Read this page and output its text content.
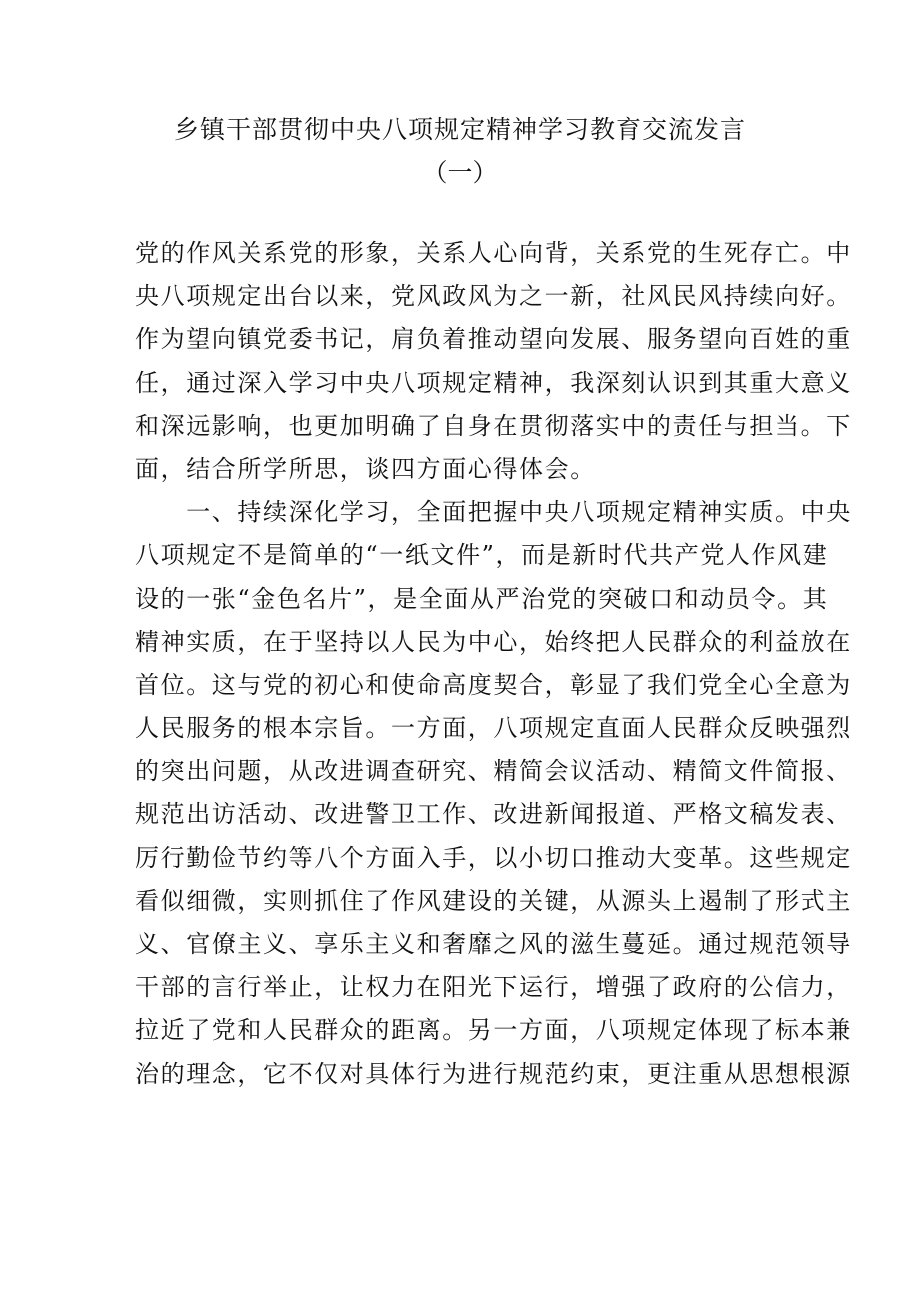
乡镇干部贯彻中央八项规定精神学习教育交流发言
（一）
党的作风关系党的形象，关系人心向背，关系党的生死存亡。中
央八项规定出台以来，党风政风为之一新，社风民风持续向好。
作为望向镇党委书记，肩负着推动望向发展、服务望向百姓的重
任，通过深入学习中央八项规定精神，我深刻认识到其重大意义
和深远影响，也更加明确了自身在贯彻落实中的责任与担当。下
面，结合所学所思，谈四方面心得体会。
　　一、持续深化学习，全面把握中央八项规定精神实质。中央
八项规定不是简单的“一纸文件”，而是新时代共产党人作风建
设的一张“金色名片”，是全面从严治党的突破口和动员令。其
精神实质，在于坚持以人民为中心，始终把人民群众的利益放在
首位。这与党的初心和使命高度契合，彰显了我们党全心全意为
人民服务的根本宗旨。一方面，八项规定直面人民群众反映强烈
的突出问题，从改进调查研究、精简会议活动、精简文件简报、
规范出访活动、改进警卫工作、改进新闻报道、严格文稿发表、
厉行勤俭节约等八个方面入手，以小切口推动大变革。这些规定
看似细微，实则抓住了作风建设的关键，从源头上遏制了形式主
义、官僚主义、享乐主义和奢靡之风的滋生蔓延。通过规范领导
干部的言行举止，让权力在阳光下运行，增强了政府的公信力，
拉近了党和人民群众的距离。另一方面，八项规定体现了标本兼
治的理念，它不仅对具体行为进行规范约束，更注重从思想根源
